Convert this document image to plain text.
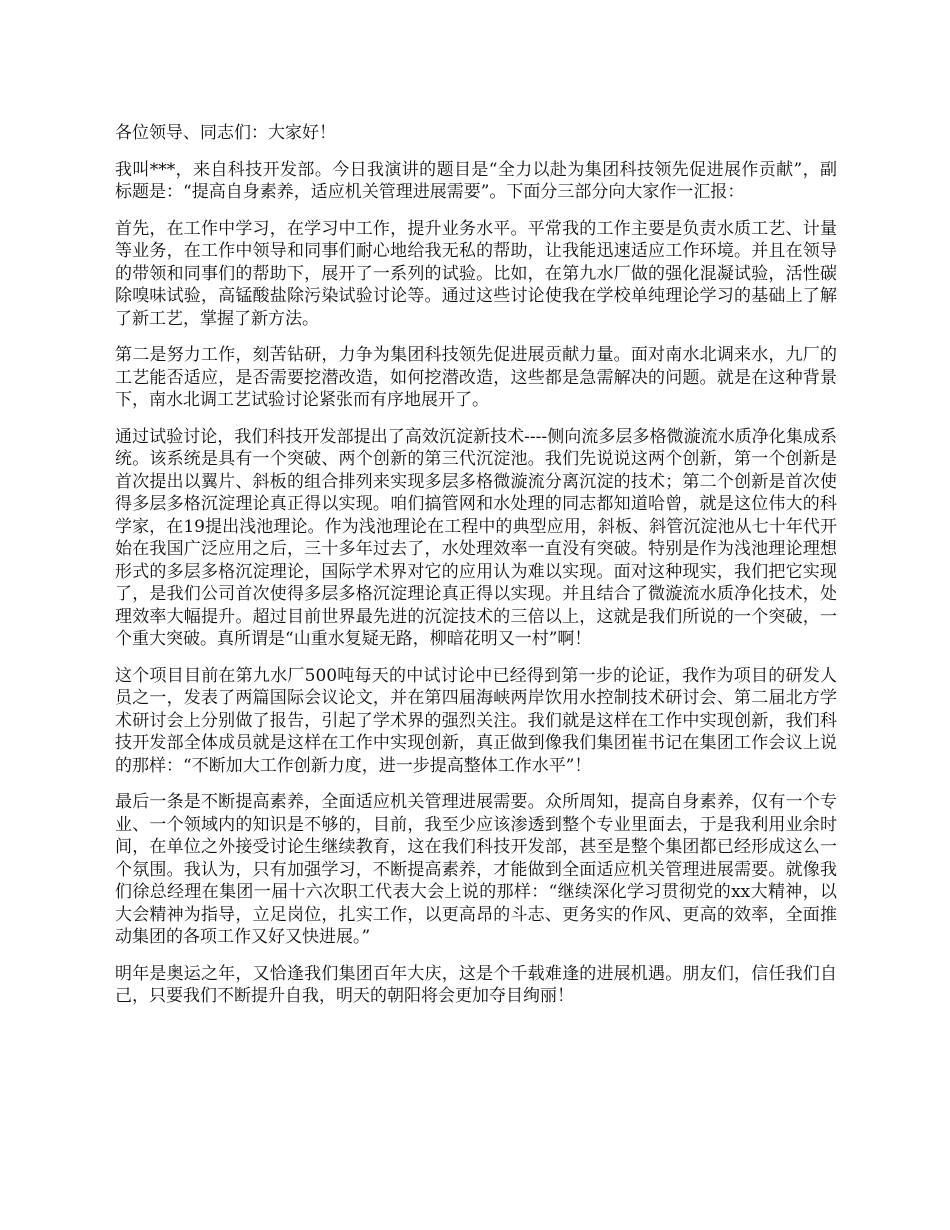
各位领导、同志们：大家好！

我叫***，来自科技开发部。今日我演讲的题目是“全力以赴为集团科技领先促进展作贡献”，副标题是：“提高自身素养，适应机关管理进展需要”。下面分三部分向大家作一汇报：

首先，在工作中学习，在学习中工作，提升业务水平。平常我的工作主要是负责水质工艺、计量等业务，在工作中领导和同事们耐心地给我无私的帮助，让我能迅速适应工作环境。并且在领导的带领和同事们的帮助下，展开了一系列的试验。比如，在第九水厂做的强化混凝试验，活性碳除嗅味试验，高锰酸盐除污染试验讨论等。通过这些讨论使我在学校单纯理论学习的基础上了解了新工艺，掌握了新方法。

第二是努力工作，刻苦钻研，力争为集团科技领先促进展贡献力量。面对南水北调来水，九厂的工艺能否适应，是否需要挖潜改造，如何挖潜改造，这些都是急需解决的问题。就是在这种背景下，南水北调工艺试验讨论紧张而有序地展开了。

通过试验讨论，我们科技开发部提出了高效沉淀新技术----侧向流多层多格微漩流水质净化集成系统。该系统是具有一个突破、两个创新的第三代沉淀池。我们先说说这两个创新，第一个创新是首次提出以翼片、斜板的组合排列来实现多层多格微漩流分离沉淀的技术；第二个创新是首次使得多层多格沉淀理论真正得以实现。咱们搞管网和水处理的同志都知道哈曾，就是这位伟大的科学家，在19提出浅池理论。作为浅池理论在工程中的典型应用，斜板、斜管沉淀池从七十年代开始在我国广泛应用之后，三十多年过去了，水处理效率一直没有突破。特别是作为浅池理论理想形式的多层多格沉淀理论，国际学术界对它的应用认为难以实现。面对这种现实，我们把它实现了，是我们公司首次使得多层多格沉淀理论真正得以实现。并且结合了微漩流水质净化技术，处理效率大幅提升。超过目前世界最先进的沉淀技术的三倍以上，这就是我们所说的一个突破，一个重大突破。真所谓是“山重水复疑无路，柳暗花明又一村”啊！

这个项目目前在第九水厂500吨每天的中试讨论中已经得到第一步的论证，我作为项目的研发人员之一，发表了两篇国际会议论文，并在第四届海峡两岸饮用水控制技术研讨会、第二届北方学术研讨会上分别做了报告，引起了学术界的强烈关注。我们就是这样在工作中实现创新，我们科技开发部全体成员就是这样在工作中实现创新，真正做到像我们集团崔书记在集团工作会议上说的那样：“不断加大工作创新力度，进一步提高整体工作水平”！

最后一条是不断提高素养，全面适应机关管理进展需要。众所周知，提高自身素养，仅有一个专业、一个领域内的知识是不够的，目前，我至少应该渗透到整个专业里面去，于是我利用业余时间，在单位之外接受讨论生继续教育，这在我们科技开发部，甚至是整个集团都已经形成这么一个氛围。我认为，只有加强学习，不断提高素养，才能做到全面适应机关管理进展需要。就像我们徐总经理在集团一届十六次职工代表大会上说的那样：“继续深化学习贯彻党的xx大精神，以大会精神为指导，立足岗位，扎实工作，以更高昂的斗志、更务实的作风、更高的效率，全面推动集团的各项工作又好又快进展。”

明年是奥运之年，又恰逢我们集团百年大庆，这是个千载难逢的进展机遇。朋友们，信任我们自己，只要我们不断提升自我，明天的朝阳将会更加夺目绚丽！
